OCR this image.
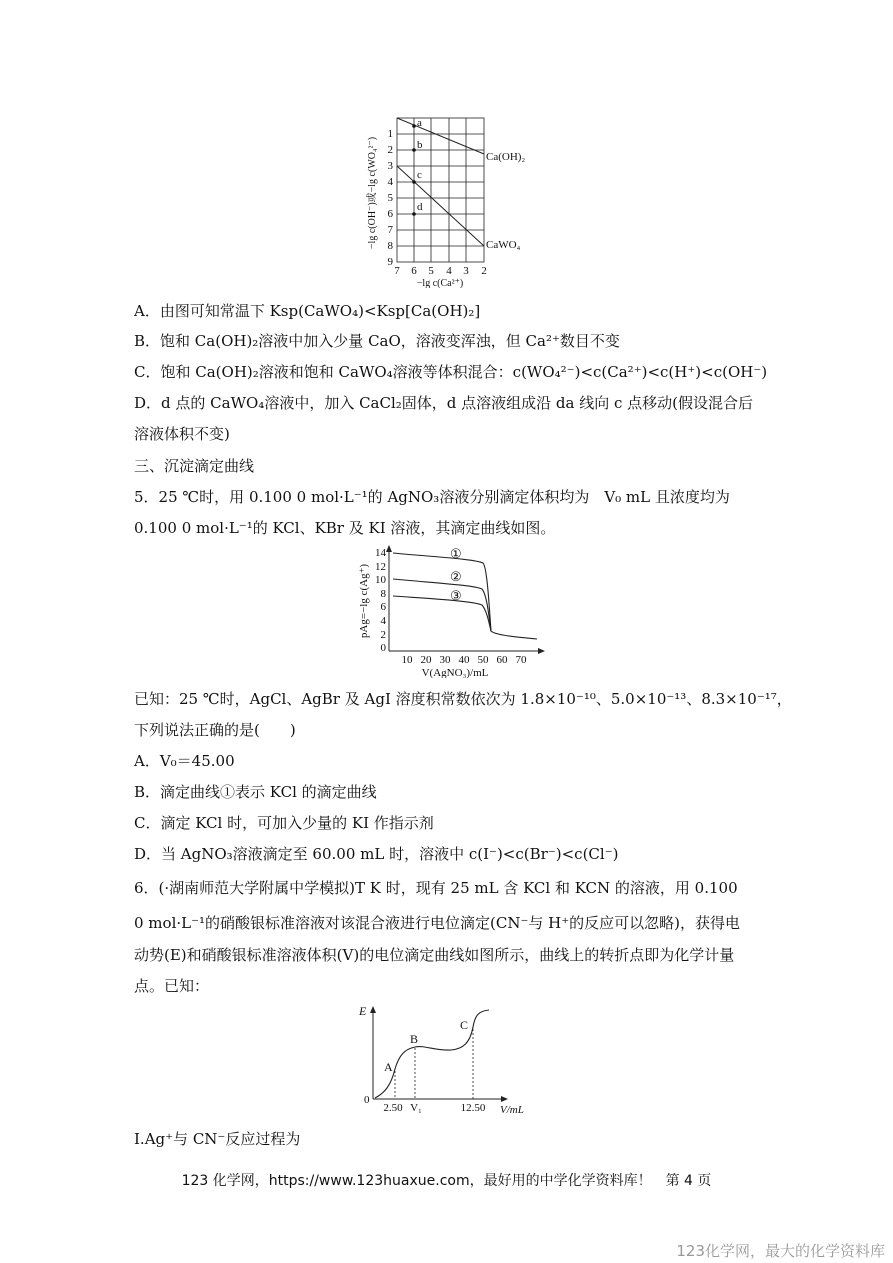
a
b
c
d
Ca(OH)₂
CaWO₄
1
2
3
4
5
6
7
8
9
7 6 5 4 3 2
−lg c(Ca²⁺)
−lg c(OH⁻)或−lg c(WO₄²⁻)
A．由图可知常温下 Ksp(CaWO₄)<Ksp[Ca(OH)₂]
B．饱和 Ca(OH)₂溶液中加入少量 CaO，溶液变浑浊，但 Ca²⁺数目不变
C．饱和 Ca(OH)₂溶液和饱和 CaWO₄溶液等体积混合：c(WO₄²⁻)<c(Ca²⁺)<c(H⁺)<c(OH⁻)
D．d 点的 CaWO₄溶液中，加入 CaCl₂固体，d 点溶液组成沿 da 线向 c 点移动(假设混合后
溶液体积不变)
三、沉淀滴定曲线
5．25 ℃时，用 0.100 0 mol·L⁻¹的 AgNO₃溶液分别滴定体积均为　V₀ mL 且浓度均为
0.100 0 mol·L⁻¹的 KCl、KBr 及 KI 溶液，其滴定曲线如图。
①
②
③
14
12
10
8
6
4
2
0
10 20 30 40 50 60 70
V(AgNO₃)/mL
pAg=−lg c(Ag⁺)
已知：25 ℃时，AgCl、AgBr 及 AgI 溶度积常数依次为 1.8×10⁻¹⁰、5.0×10⁻¹³、8.3×10⁻¹⁷，
下列说法正确的是(　　)
A．V₀＝45.00
B．滴定曲线①表示 KCl 的滴定曲线
C．滴定 KCl 时，可加入少量的 KI 作指示剂
D．当 AgNO₃溶液滴定至 60.00 mL 时，溶液中 c(I⁻)<c(Br⁻)<c(Cl⁻)
6．(·湖南师范大学附属中学模拟)T K 时，现有 25 mL 含 KCl 和 KCN 的溶液，用 0.100
0 mol·L⁻¹的硝酸银标准溶液对该混合液进行电位滴定(CN⁻与 H⁺的反应可以忽略)，获得电
动势(E)和硝酸银标准溶液体积(V)的电位滴定曲线如图所示，曲线上的转折点即为化学计量
点。已知：
E
0
A
B
C
2.50 V₁	12.50 V/mL
Ⅰ.Ag⁺与 CN⁻反应过程为
123 化学网，https://www.123huaxue.com，最好用的中学化学资料库！　第 4 页
123化学网，最大的化学资料库
